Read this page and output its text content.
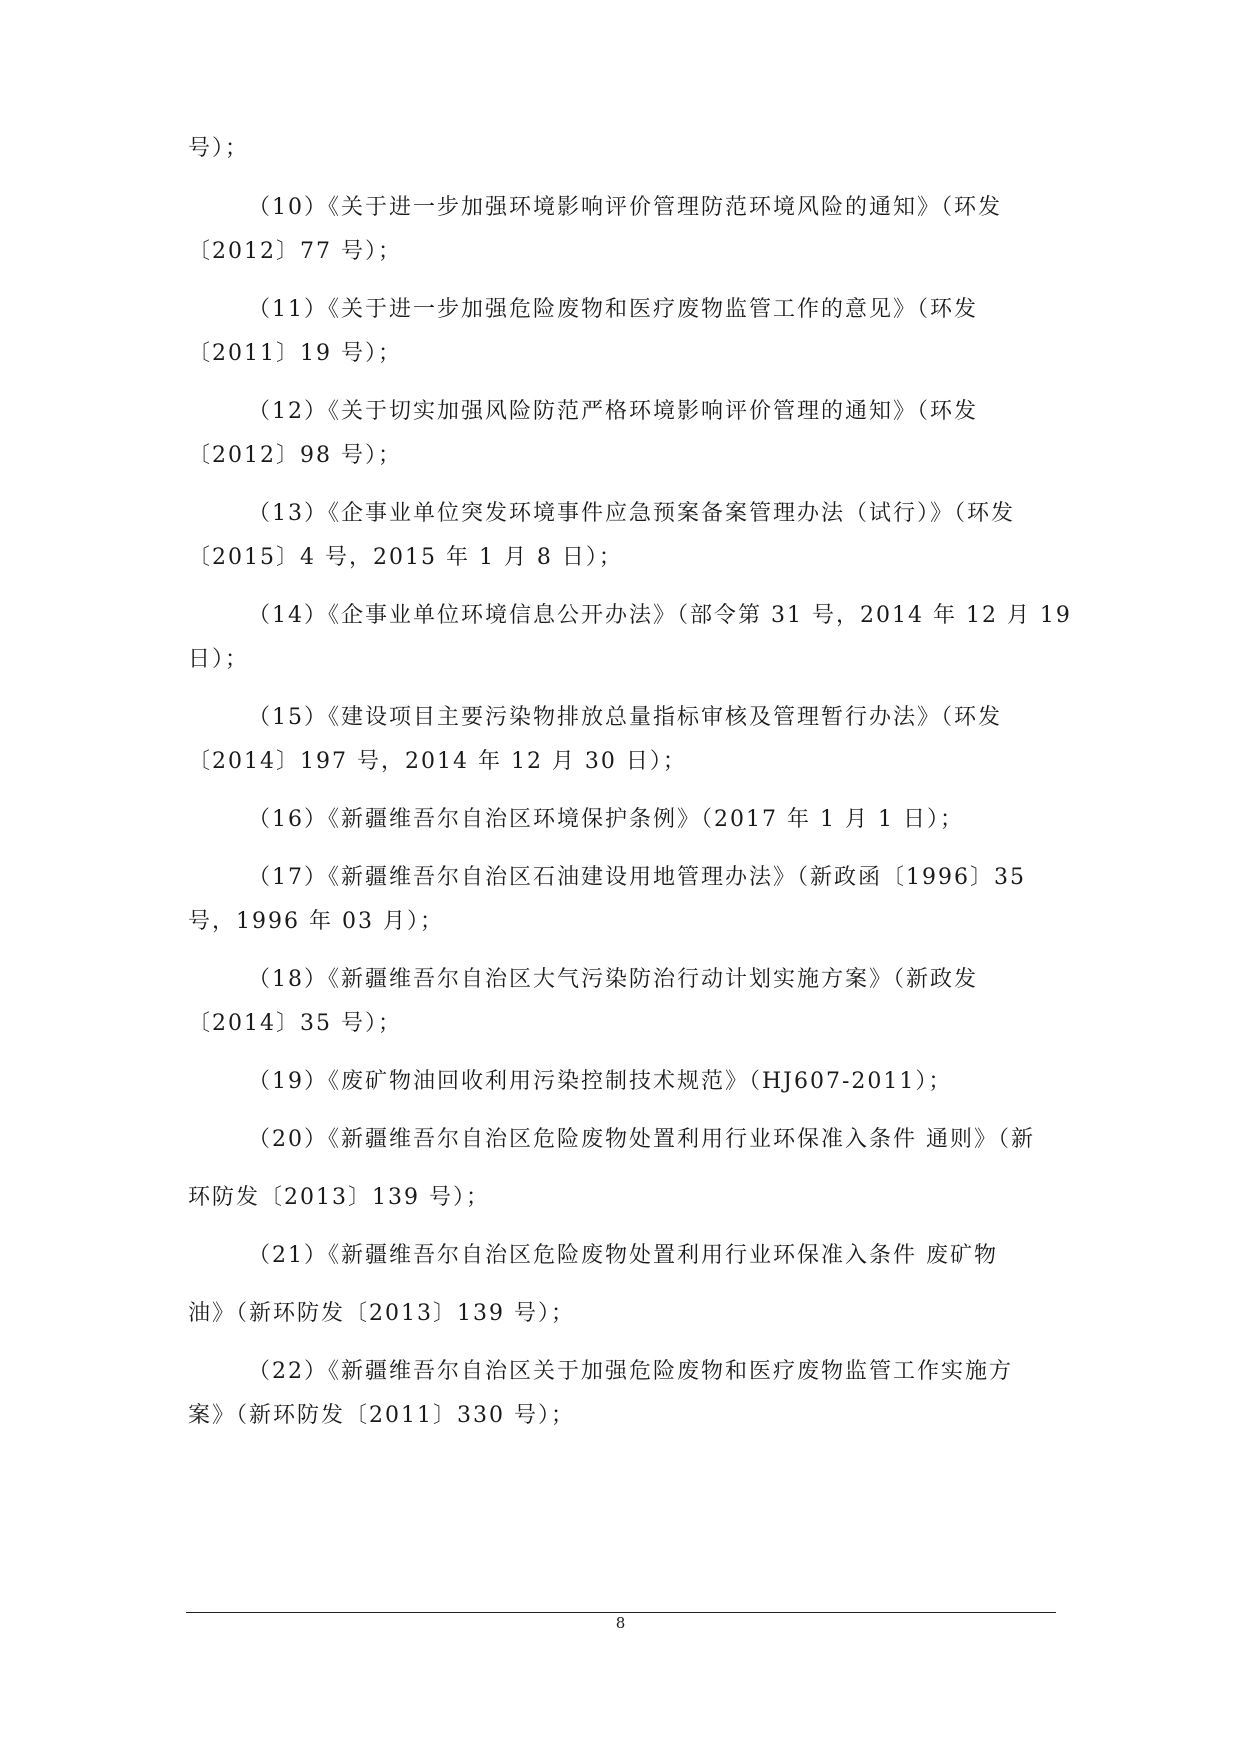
号）；
（10）《关于进一步加强环境影响评价管理防范环境风险的通知》（环发
〔2012〕77 号）；
（11）《关于进一步加强危险废物和医疗废物监管工作的意见》（环发
〔2011〕19 号）；
（12）《关于切实加强风险防范严格环境影响评价管理的通知》（环发
〔2012〕98 号）；
（13）《企事业单位突发环境事件应急预案备案管理办法（试行）》（环发
〔2015〕4 号，2015 年 1 月 8 日）；
（14）《企事业单位环境信息公开办法》（部令第 31 号，2014 年 12 月 19
日）；
（15）《建设项目主要污染物排放总量指标审核及管理暂行办法》（环发
〔2014〕197 号，2014 年 12 月 30 日）；
（16）《新疆维吾尔自治区环境保护条例》（2017 年 1 月 1 日）；
（17）《新疆维吾尔自治区石油建设用地管理办法》（新政函〔1996〕35
号，1996 年 03 月）；
（18）《新疆维吾尔自治区大气污染防治行动计划实施方案》（新政发
〔2014〕35 号）；
（19）《废矿物油回收利用污染控制技术规范》（HJ607-2011）；
（20）《新疆维吾尔自治区危险废物处置利用行业环保准入条件 通则》（新
环防发〔2013〕139 号）；
（21）《新疆维吾尔自治区危险废物处置利用行业环保准入条件 废矿物
油》（新环防发〔2013〕139 号）；
（22）《新疆维吾尔自治区关于加强危险废物和医疗废物监管工作实施方
案》（新环防发〔2011〕330 号）；
8
